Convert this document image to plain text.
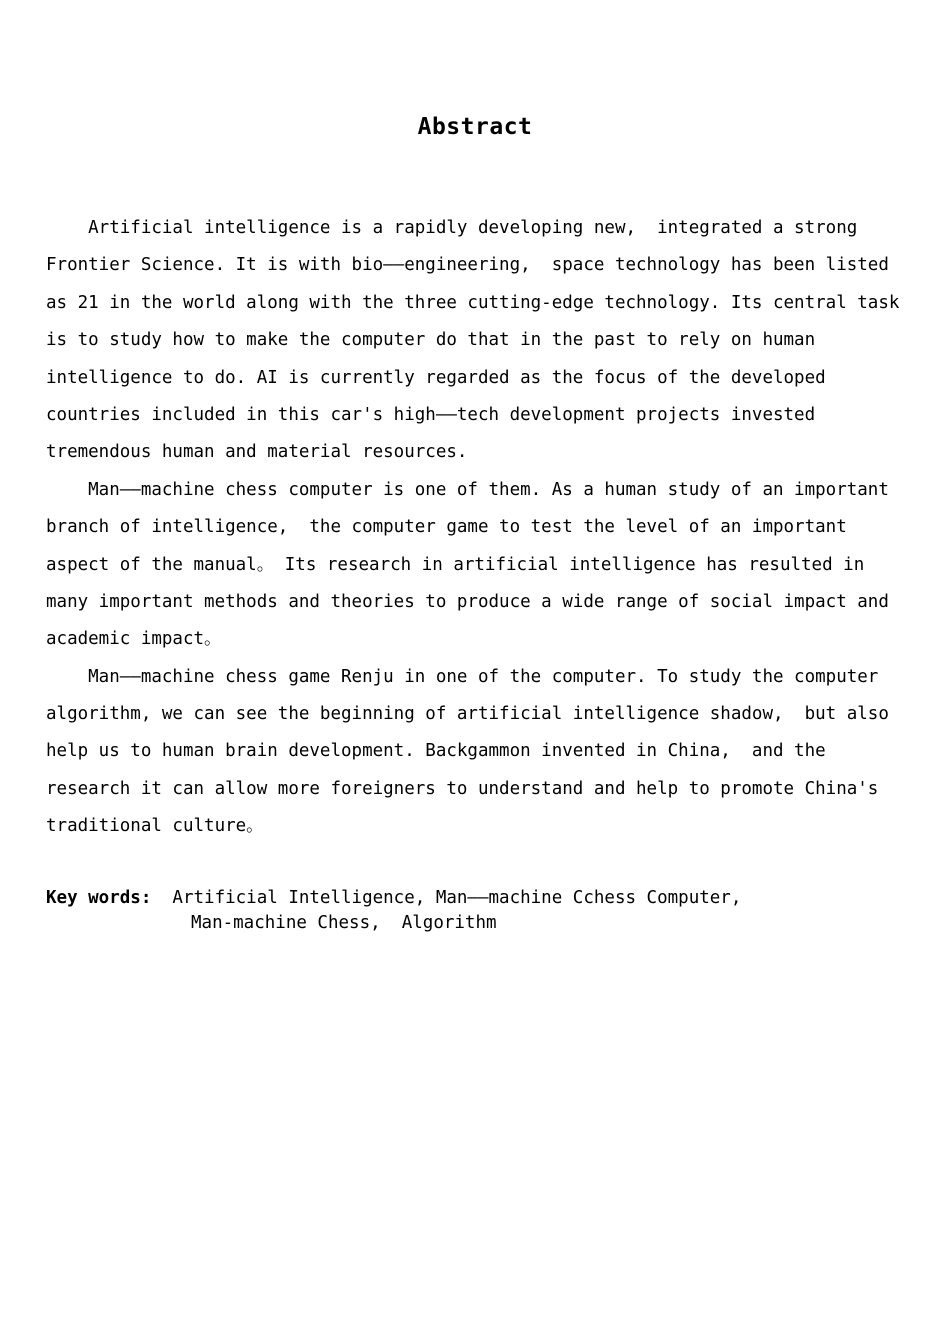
Abstract
Artificial intelligence is a rapidly developing new,  integrated a strong
Frontier Science. It is with bio——engineering,  space technology has been listed
as 21 in the world along with the three cutting-edge technology. Its central task
is to study how to make the computer do that in the past to rely on human
intelligence to do. AI is currently regarded as the focus of the developed
countries included in this car's high——tech development projects invested
tremendous human and material resources.
Man——machine chess computer is one of them. As a human study of an important
branch of intelligence,  the computer game to test the level of an important
aspect of the manual。 Its research in artificial intelligence has resulted in
many important methods and theories to produce a wide range of social impact and
academic impact。
Man——machine chess game Renju in one of the computer. To study the computer
algorithm, we can see the beginning of artificial intelligence shadow,  but also
help us to human brain development. Backgammon invented in China,  and the
research it can allow more foreigners to understand and help to promote China's
traditional culture。
Key words:  Artificial Intelligence, Man——machine Cchess Computer,
Man-machine Chess,  Algorithm
